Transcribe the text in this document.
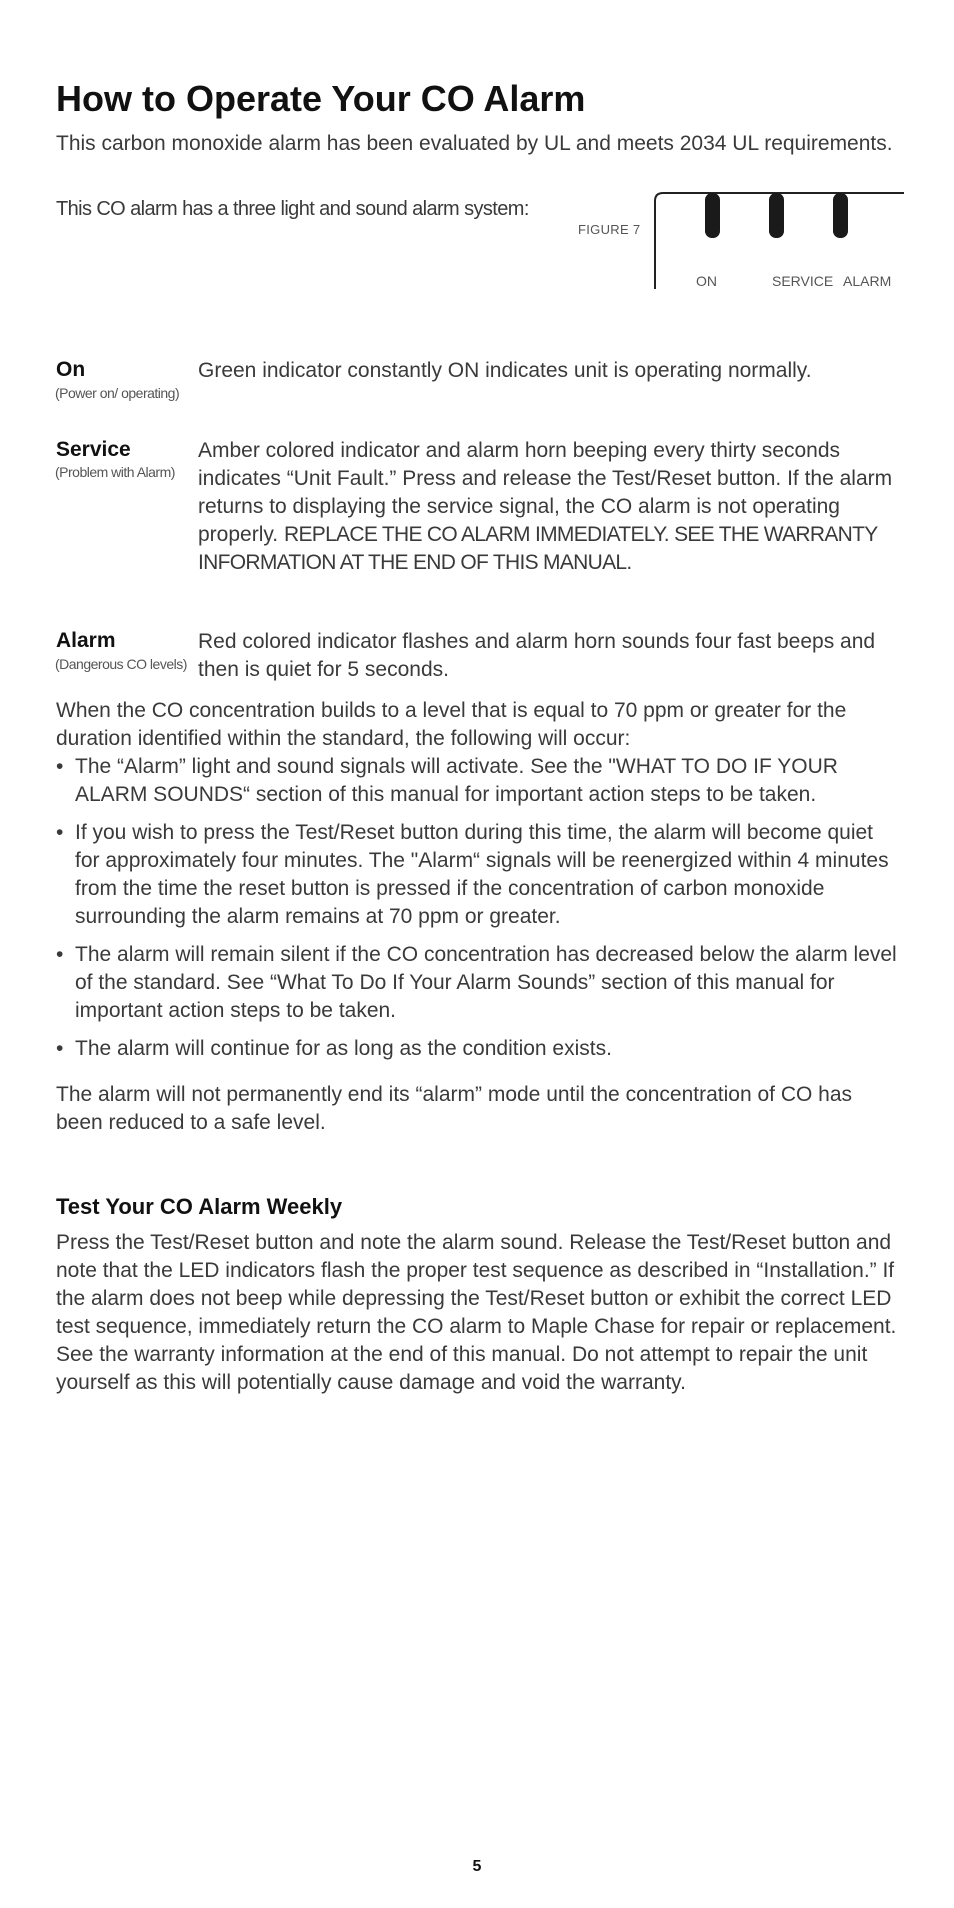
How to Operate Your CO Alarm

This carbon monoxide alarm has been evaluated by UL and meets 2034 UL requirements.

This CO alarm has a three light and sound alarm system:

FIGURE 7
ON	SERVICE ALARM
On
(Power on/ operating)

Green indicator constantly ON indicates unit is operating normally.

Service
(Problem with Alarm)

Amber colored indicator and alarm horn beeping every thirty seconds indicates “Unit Fault.” Press and release the Test/Reset button. If the alarm returns to displaying the service signal, the CO alarm is not operating properly. REPLACE THE CO ALARM IMMEDIATELY. SEE THE WARRANTY INFORMATION AT THE END OF THIS MANUAL.

Alarm
(Dangerous CO levels)

Red colored indicator flashes and alarm horn sounds four fast beeps and then is quiet for 5 seconds.

When the CO concentration builds to a level that is equal to 70 ppm or greater for the duration identified within the standard, the following will occur:

• The “Alarm” light and sound signals will activate. See the "WHAT TO DO IF YOUR ALARM SOUNDS“ section of this manual for important action steps to be taken.
• If you wish to press the Test/Reset button during this time, the alarm will become quiet for approximately four minutes. The "Alarm“ signals will be reenergized within 4 minutes from the time the reset button is pressed if the concentration of carbon monoxide surrounding the alarm remains at 70 ppm or greater.
• The alarm will remain silent if the CO concentration has decreased below the alarm level of the standard. See “What To Do If Your Alarm Sounds” section of this manual for important action steps to be taken.
• The alarm will continue for as long as the condition exists.

The alarm will not permanently end its “alarm” mode until the concentration of CO has been reduced to a safe level.

Test Your CO Alarm Weekly

Press the Test/Reset button and note the alarm sound. Release the Test/Reset button and note that the LED indicators flash the proper test sequence as described in “Installation.” If the alarm does not beep while depressing the Test/Reset button or exhibit the correct LED test sequence, immediately return the CO alarm to Maple Chase for repair or replacement. See the warranty information at the end of this manual. Do not attempt to repair the unit yourself as this will potentially cause damage and void the warranty.

5
